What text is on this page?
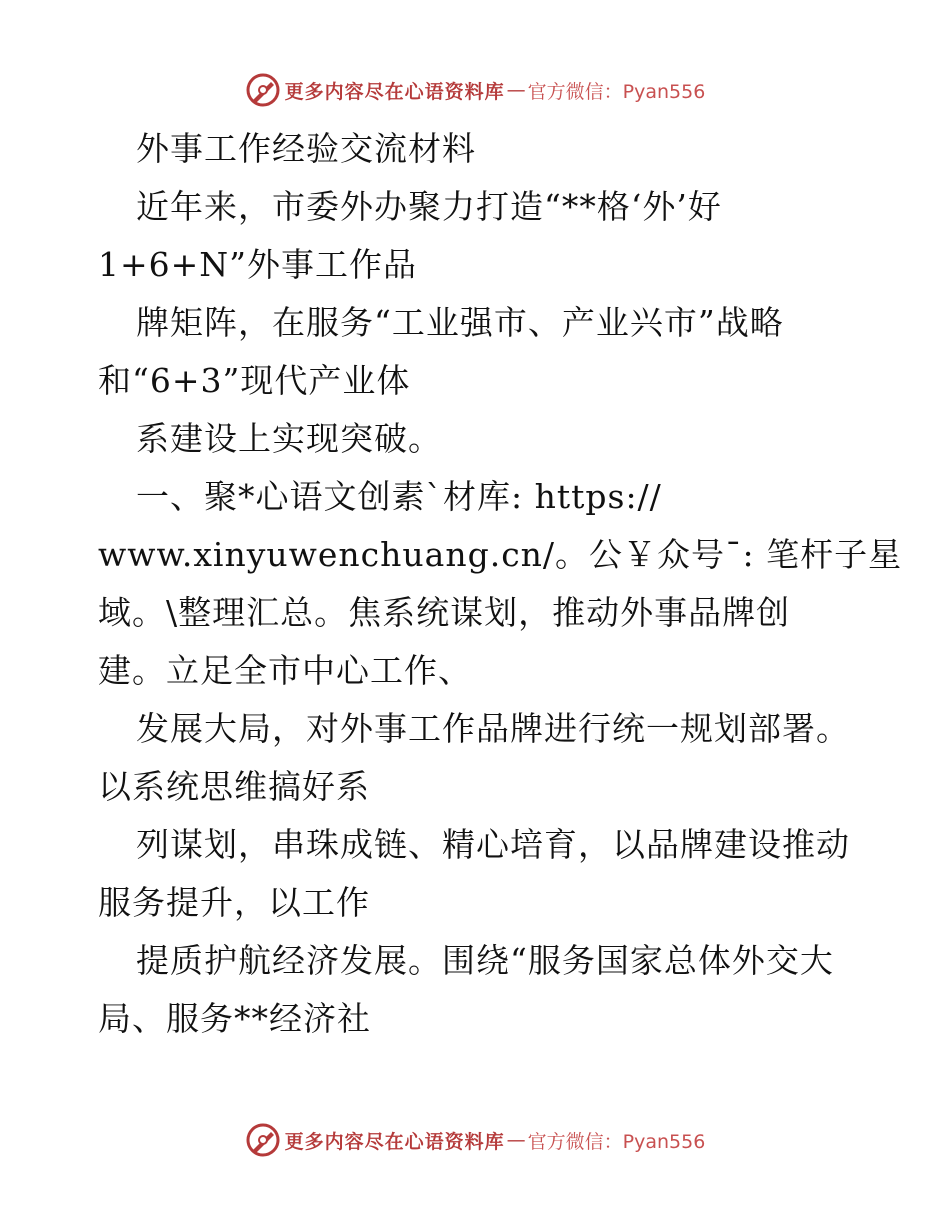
更多内容尽在心语资料库 — 官方微信：Pyan556
外事工作经验交流材料
近年来，市委外办聚力打造“**格‘外’好
1+6+N”外事工作品
牌矩阵，在服务“工业强市、产业兴市”战略
和“6+3”现代产业体
系建设上实现突破。
一、聚*心语文创素`材库: https://
www.xinyuwenchuang.cn/。公￥众号¯: 笔杆子星
域。\整理汇总。焦系统谋划，推动外事品牌创
建。立足全市中心工作、
发展大局，对外事工作品牌进行统一规划部署。
以系统思维搞好系
列谋划，串珠成链、精心培育，以品牌建设推动
服务提升，以工作
提质护航经济发展。围绕“服务国家总体外交大
局、服务**经济社
更多内容尽在心语资料库 — 官方微信：Pyan556
